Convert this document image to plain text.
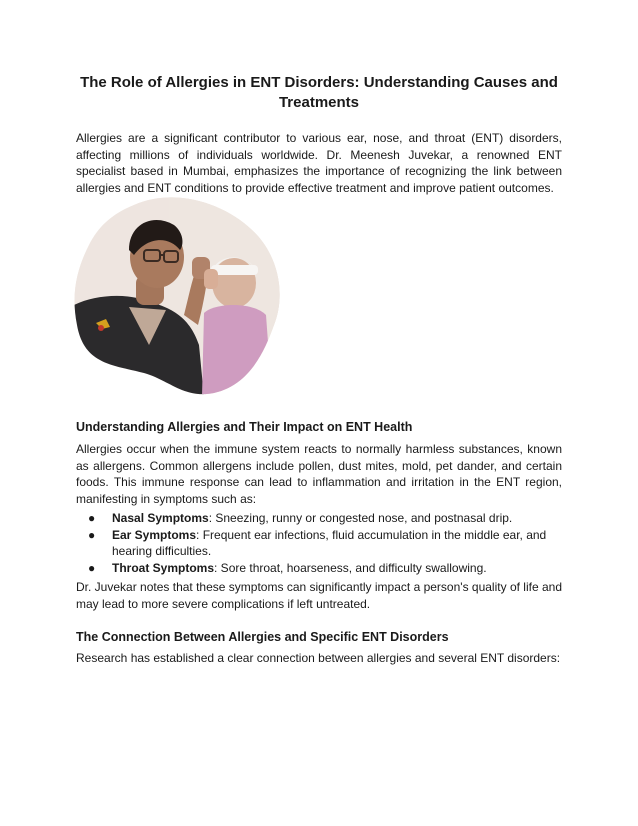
The Role of Allergies in ENT Disorders: Understanding Causes and Treatments

Allergies are a significant contributor to various ear, nose, and throat (ENT) disorders, affecting millions of individuals worldwide. Dr. Meenesh Juvekar, a renowned ENT specialist based in Mumbai, emphasizes the importance of recognizing the link between allergies and ENT conditions to provide effective treatment and improve patient outcomes.

Understanding Allergies and Their Impact on ENT Health

Allergies occur when the immune system reacts to normally harmless substances, known as allergens. Common allergens include pollen, dust mites, mold, pet dander, and certain foods. This immune response can lead to inflammation and irritation in the ENT region, manifesting in symptoms such as:

● Nasal Symptoms: Sneezing, runny or congested nose, and postnasal drip.
● Ear Symptoms: Frequent ear infections, fluid accumulation in the middle ear, and hearing difficulties.
● Throat Symptoms: Sore throat, hoarseness, and difficulty swallowing.

Dr. Juvekar notes that these symptoms can significantly impact a person's quality of life and may lead to more severe complications if left untreated.

The Connection Between Allergies and Specific ENT Disorders

Research has established a clear connection between allergies and several ENT disorders:
